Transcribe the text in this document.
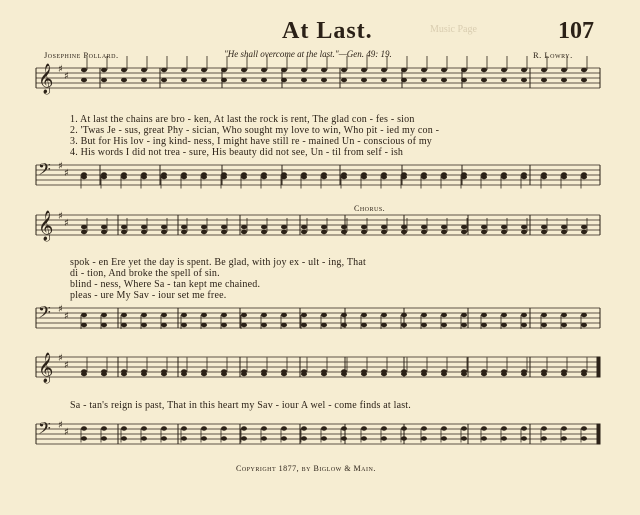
Music Page
At Last.	107
Josephine Pollard.	"He shall overcome at the last."—Gen. 49: 19.	R. Lowry.
𝄞 ♯
♯
𝄢 ♯
♯
𝄞 ♯
♯
𝄢 ♯
♯
𝄞 ♯
♯
𝄢 ♯
♯
1. At last the chains are bro - ken, At last the rock is rent, The glad con - fes - sion
2. 'Twas Je - sus, great Phy - sician, Who sought my love to win, Who pit - ied my con -
3. But for His lov - ing kind- ness, I might have still re - mained Un - conscious of my
4. His words I did not trea - sure, His beauty did not see, Un - til from self - ish
Chorus.
spok - en Ere yet the day is spent. Be glad, with joy ex - ult - ing, That
di - tion, And broke the spell of sin.
blind - ness, Where Sa - tan kept me chained.
pleas - ure My Sav - iour set me free.
Sa - tan's reign is past, That in this heart my Sav - iour A wel - come finds at last.
Copyright 1877, by Biglow & Main.
